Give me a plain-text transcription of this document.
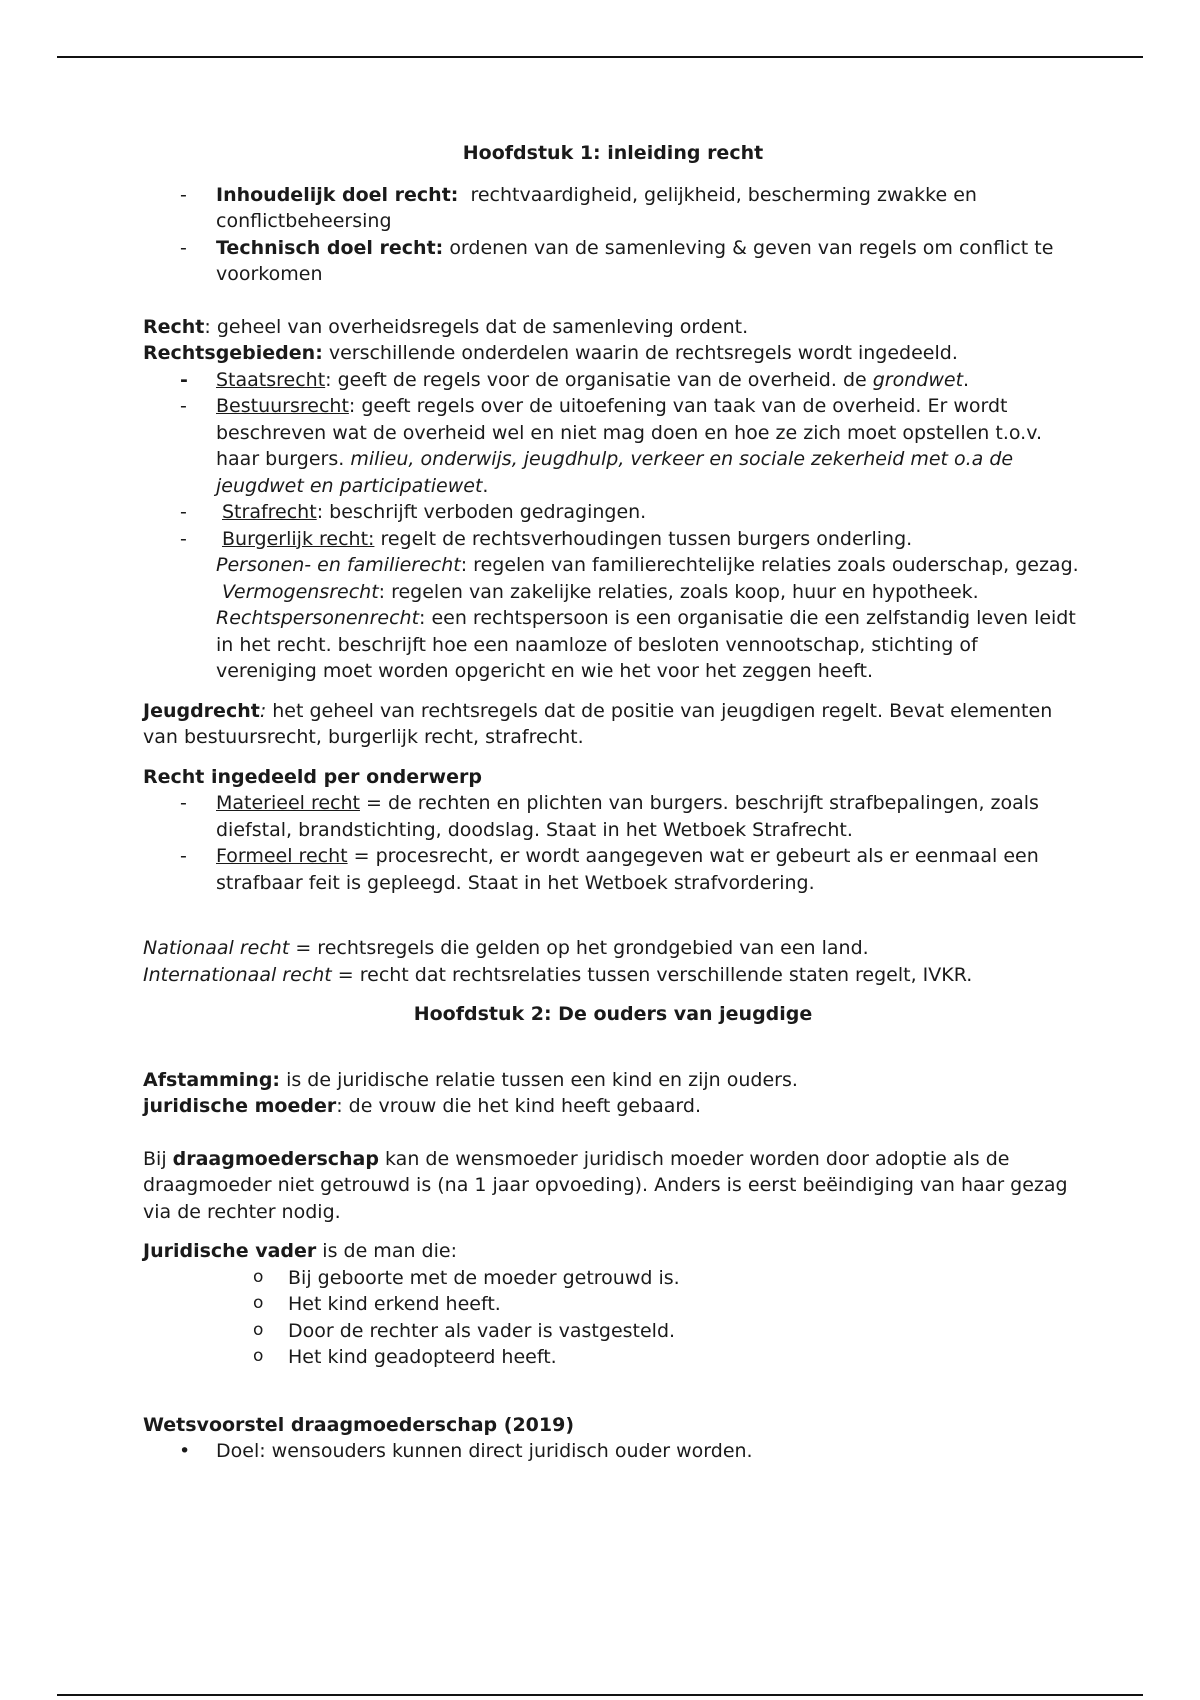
Hoofdstuk 1: inleiding recht

- Inhoudelijk doel recht: rechtvaardigheid, gelijkheid, bescherming zwakke en conflictbeheersing
- Technisch doel recht: ordenen van de samenleving & geven van regels om conflict te voorkomen

Recht: geheel van overheidsregels dat de samenleving ordent.

Rechtsgebieden: verschillende onderdelen waarin de rechtsregels wordt ingedeeld.

- Staatsrecht: geeft de regels voor de organisatie van de overheid. de grondwet.
- Bestuursrecht: geeft regels over de uitoefening van taak van de overheid. Er wordt beschreven wat de overheid wel en niet mag doen en hoe ze zich moet opstellen t.o.v. haar burgers. milieu, onderwijs, jeugdhulp, verkeer en sociale zekerheid met o.a de jeugdwet en participatiewet.
- Strafrecht: beschrijft verboden gedragingen.
- Burgerlijk recht: regelt de rechtsverhoudingen tussen burgers onderling.

Personen- en familierecht: regelen van familierechtelijke relaties zoals ouderschap, gezag.

Vermogensrecht: regelen van zakelijke relaties, zoals koop, huur en hypotheek.

Rechtspersonenrecht: een rechtspersoon is een organisatie die een zelfstandig leven leidt in het recht. beschrijft hoe een naamloze of besloten vennootschap, stichting of vereniging moet worden opgericht en wie het voor het zeggen heeft.

Jeugdrecht: het geheel van rechtsregels dat de positie van jeugdigen regelt. Bevat elementen van bestuursrecht, burgerlijk recht, strafrecht.

Recht ingedeeld per onderwerp

- Materieel recht = de rechten en plichten van burgers. beschrijft strafbepalingen, zoals diefstal, brandstichting, doodslag. Staat in het Wetboek Strafrecht.
- Formeel recht = procesrecht, er wordt aangegeven wat er gebeurt als er eenmaal een strafbaar feit is gepleegd. Staat in het Wetboek strafvordering.

Nationaal recht = rechtsregels die gelden op het grondgebied van een land.

Internationaal recht = recht dat rechtsrelaties tussen verschillende staten regelt, IVKR.

Hoofdstuk 2: De ouders van jeugdige

Afstamming: is de juridische relatie tussen een kind en zijn ouders.

juridische moeder: de vrouw die het kind heeft gebaard.

Bij draagmoederschap kan de wensmoeder juridisch moeder worden door adoptie als de draagmoeder niet getrouwd is (na 1 jaar opvoeding). Anders is eerst beëindiging van haar gezag via de rechter nodig.

Juridische vader is de man die:

o Bij geboorte met de moeder getrouwd is.
o Het kind erkend heeft.
o Door de rechter als vader is vastgesteld.
o Het kind geadopteerd heeft.

Wetsvoorstel draagmoederschap (2019)

• Doel: wensouders kunnen direct juridisch ouder worden.
